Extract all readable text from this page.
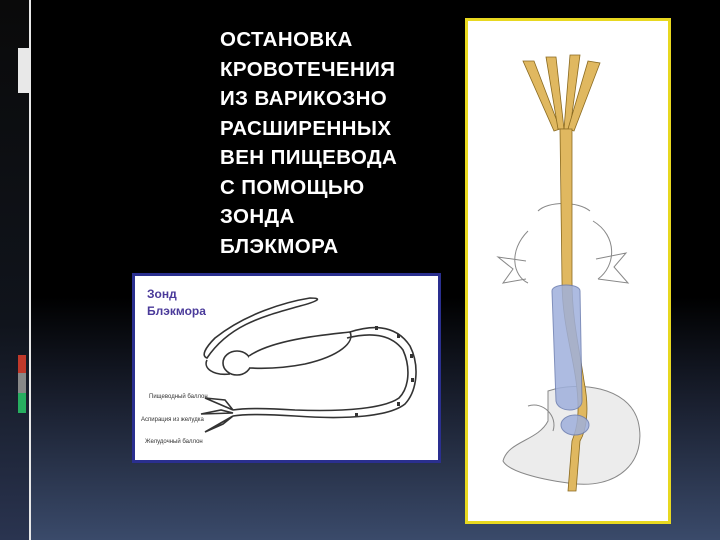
ОСТАНОВКА
КРОВОТЕЧЕНИЯ
ИЗ ВАРИКОЗНО
РАСШИРЕННЫХ
ВЕН ПИЩЕВОДА
С ПОМОЩЬЮ
ЗОНДА
БЛЭКМОРА
Зонд
Блэкмора
Пищеводный баллон
Аспирация из желудка
Желудочный баллон
